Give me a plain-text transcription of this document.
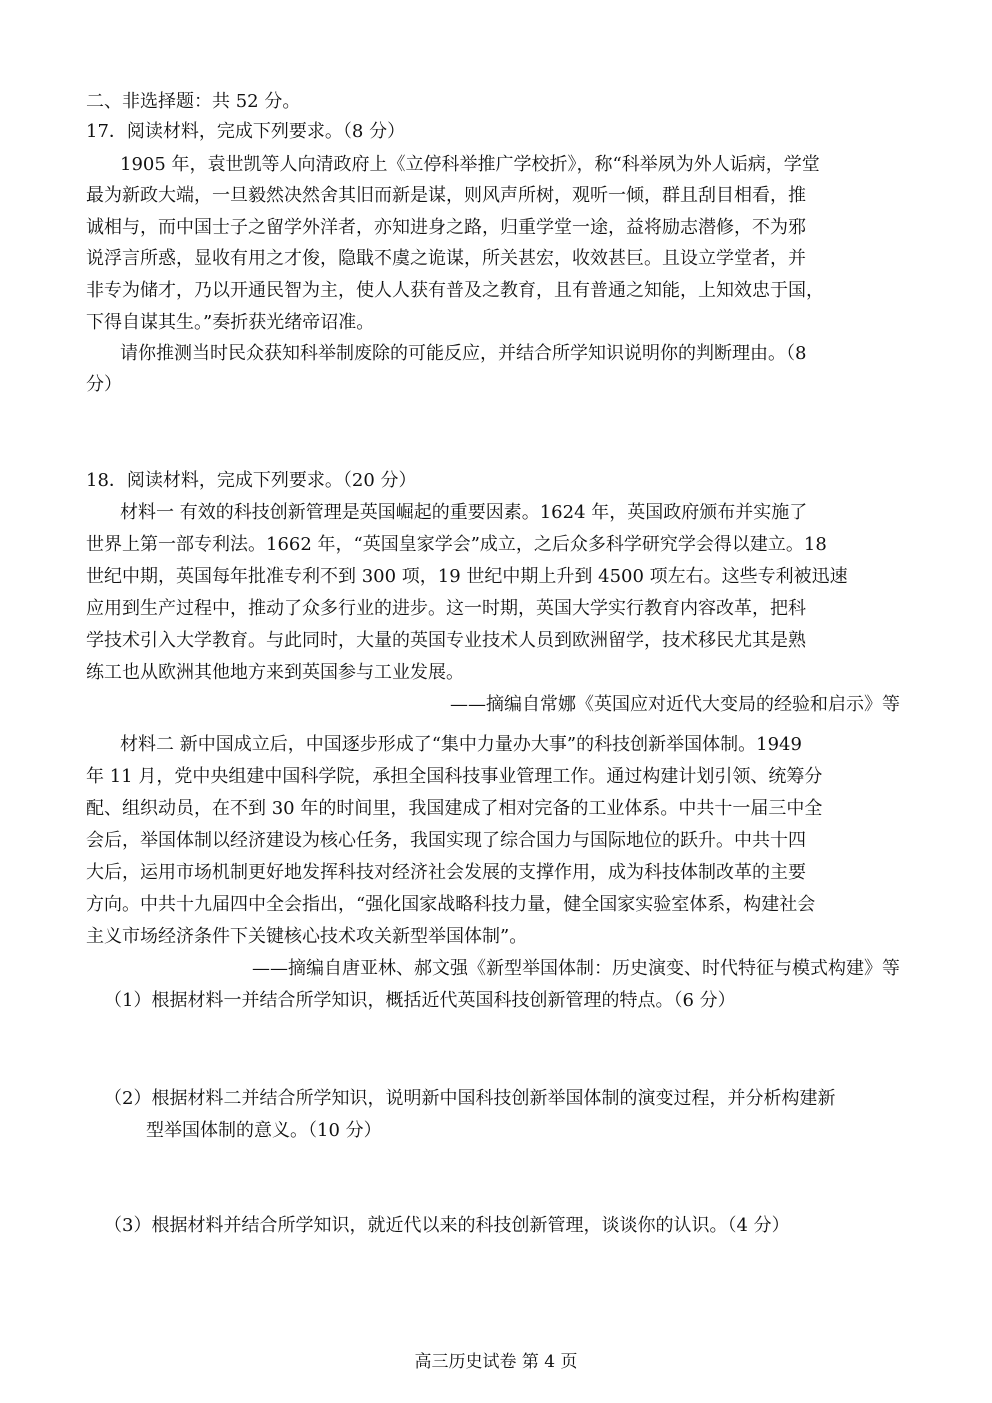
二、非选择题：共 52 分。
17．阅读材料，完成下列要求。（8 分）
1905 年，袁世凯等人向清政府上《立停科举推广学校折》，称“科举夙为外人诟病，学堂
最为新政大端，一旦毅然决然舍其旧而新是谋，则风声所树，观听一倾，群且刮目相看，推
诚相与，而中国士子之留学外洋者，亦知进身之路，归重学堂一途，益将励志潜修，不为邪
说浮言所惑，显收有用之才俊，隐戢不虞之诡谋，所关甚宏，收效甚巨。且设立学堂者，并
非专为储才，乃以开通民智为主，使人人获有普及之教育，且有普通之知能，上知效忠于国，
下得自谋其生。”奏折获光绪帝诏准。
请你推测当时民众获知科举制废除的可能反应，并结合所学知识说明你的判断理由。（8
分）
18．阅读材料，完成下列要求。（20 分）
材料一 有效的科技创新管理是英国崛起的重要因素。1624 年，英国政府颁布并实施了
世界上第一部专利法。1662 年，“英国皇家学会”成立，之后众多科学研究学会得以建立。18
世纪中期，英国每年批准专利不到 300 项，19 世纪中期上升到 4500 项左右。这些专利被迅速
应用到生产过程中，推动了众多行业的进步。这一时期，英国大学实行教育内容改革，把科
学技术引入大学教育。与此同时，大量的英国专业技术人员到欧洲留学，技术移民尤其是熟
练工也从欧洲其他地方来到英国参与工业发展。
——摘编自常娜《英国应对近代大变局的经验和启示》等
材料二 新中国成立后，中国逐步形成了“集中力量办大事”的科技创新举国体制。1949
年 11 月，党中央组建中国科学院，承担全国科技事业管理工作。通过构建计划引领、统筹分
配、组织动员，在不到 30 年的时间里，我国建成了相对完备的工业体系。中共十一届三中全
会后，举国体制以经济建设为核心任务，我国实现了综合国力与国际地位的跃升。中共十四
大后，运用市场机制更好地发挥科技对经济社会发展的支撑作用，成为科技体制改革的主要
方向。中共十九届四中全会指出，“强化国家战略科技力量，健全国家实验室体系，构建社会
主义市场经济条件下关键核心技术攻关新型举国体制”。
——摘编自唐亚林、郝文强《新型举国体制：历史演变、时代特征与模式构建》等
（1）根据材料一并结合所学知识，概括近代英国科技创新管理的特点。（6 分）
（2）根据材料二并结合所学知识，说明新中国科技创新举国体制的演变过程，并分析构建新
型举国体制的意义。（10 分）
（3）根据材料并结合所学知识，就近代以来的科技创新管理，谈谈你的认识。（4 分）
高三历史试卷 第 4 页
